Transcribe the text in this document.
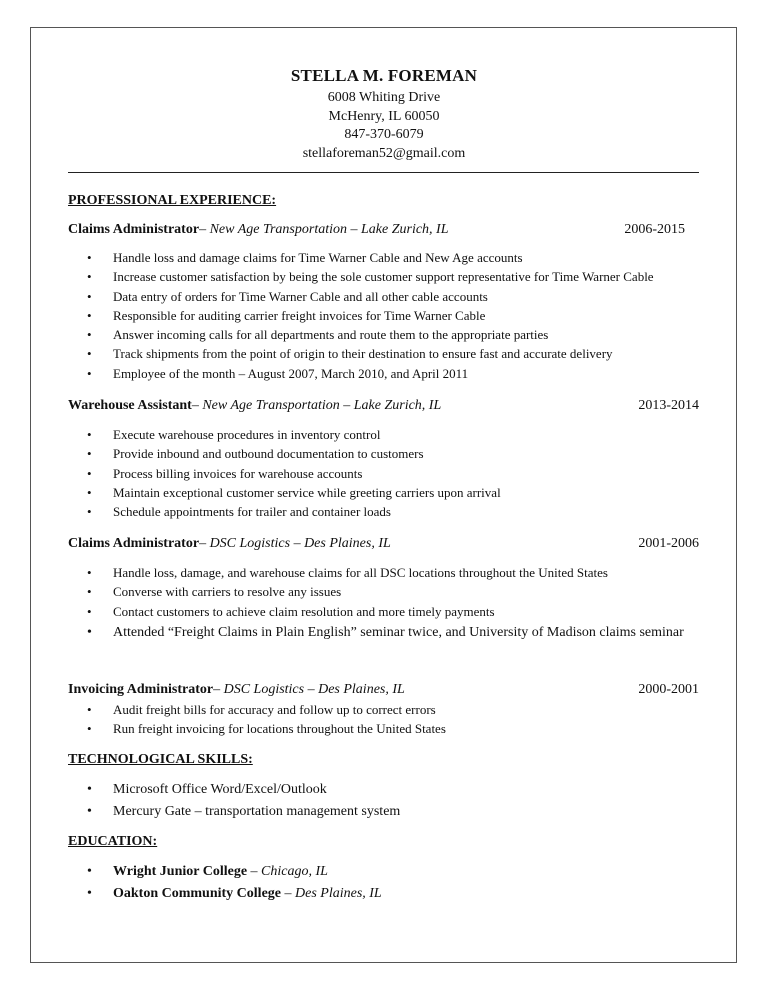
STELLA M. FOREMAN
6008 Whiting Drive
McHenry, IL 60050
847-370-6079
stellaforeman52@gmail.com
PROFESSIONAL EXPERIENCE:
Claims Administrator – New Age Transportation – Lake Zurich, IL	2006-2015
• Handle loss and damage claims for Time Warner Cable and New Age accounts
• Increase customer satisfaction by being the sole customer support representative for Time Warner Cable
• Data entry of orders for Time Warner Cable and all other cable accounts
• Responsible for auditing carrier freight invoices for Time Warner Cable
• Answer incoming calls for all departments and route them to the appropriate parties
• Track shipments from the point of origin to their destination to ensure fast and accurate delivery
• Employee of the month – August 2007, March 2010, and April 2011
Warehouse Assistant – New Age Transportation – Lake Zurich, IL	2013-2014
• Execute warehouse procedures in inventory control
• Provide inbound and outbound documentation to customers
• Process billing invoices for warehouse accounts
• Maintain exceptional customer service while greeting carriers upon arrival
• Schedule appointments for trailer and container loads
Claims Administrator – DSC Logistics – Des Plaines, IL	2001-2006
• Handle loss, damage, and warehouse claims for all DSC locations throughout the United States
• Converse with carriers to resolve any issues
• Contact customers to achieve claim resolution and more timely payments
• Attended “Freight Claims in Plain English” seminar twice, and University of Madison claims seminar
Invoicing Administrator – DSC Logistics – Des Plaines, IL	2000-2001
• Audit freight bills for accuracy and follow up to correct errors
• Run freight invoicing for locations throughout the United States
TECHNOLOGICAL SKILLS:
• Microsoft Office Word/Excel/Outlook
• Mercury Gate – transportation management system
EDUCATION:
• Wright Junior College – Chicago, IL
• Oakton Community College – Des Plaines, IL
